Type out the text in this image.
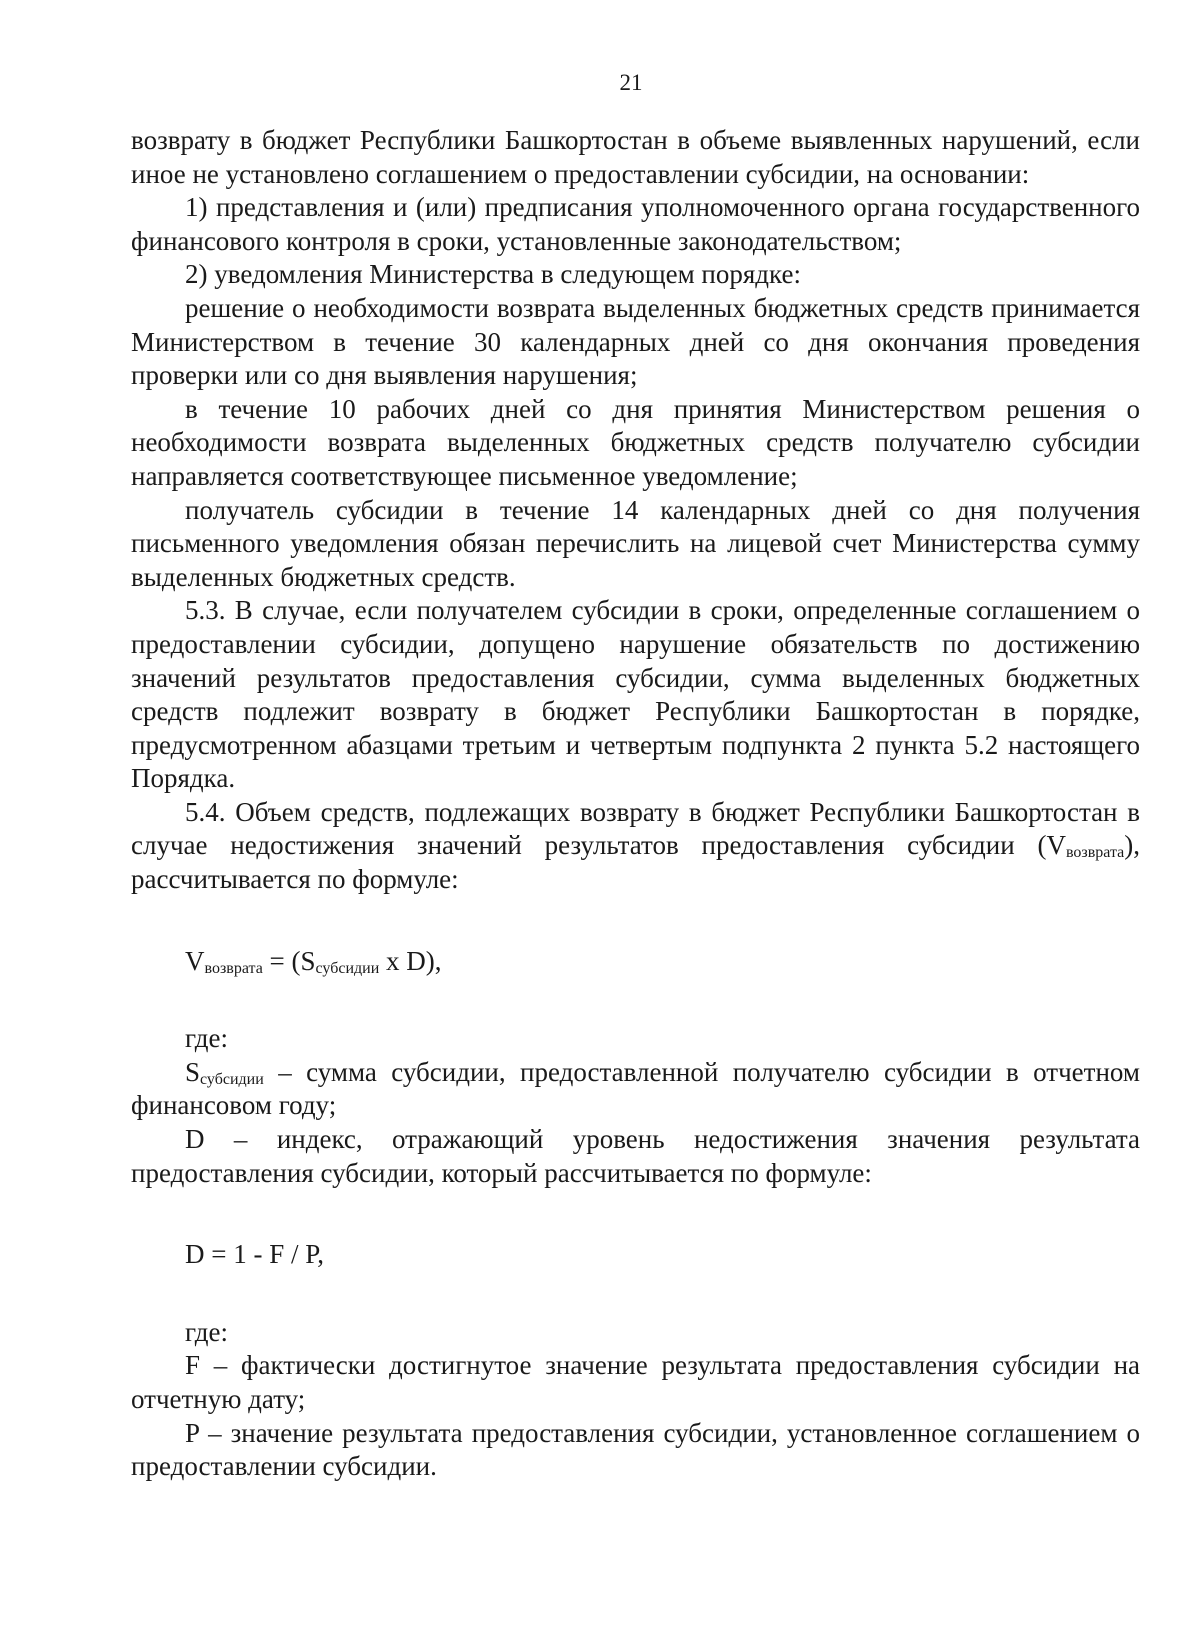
21

возврату в бюджет Республики Башкортостан в объеме выявленных нарушений, если иное не установлено соглашением о предоставлении субсидии, на основании:

1) представления и (или) предписания уполномоченного органа государственного финансового контроля в сроки, установленные законодательством;

2) уведомления Министерства в следующем порядке:

решение о необходимости возврата выделенных бюджетных средств принимается Министерством в течение 30 календарных дней со дня окончания проведения проверки или со дня выявления нарушения;

в течение 10 рабочих дней со дня принятия Министерством решения о необходимости возврата выделенных бюджетных средств получателю субсидии направляется соответствующее письменное уведомление;

получатель субсидии в течение 14 календарных дней со дня получения письменного уведомления обязан перечислить на лицевой счет Министерства сумму выделенных бюджетных средств.

5.3. В случае, если получателем субсидии в сроки, определенные соглашением о предоставлении субсидии, допущено нарушение обязательств по достижению значений результатов предоставления субсидии, сумма выделенных бюджетных средств подлежит возврату в бюджет Республики Башкортостан в порядке, предусмотренном абазцами третьим и четвертым подпункта 2 пункта 5.2 настоящего Порядка.

5.4. Объем средств, подлежащих возврату в бюджет Республики Башкортостан в случае недостижения значений результатов предоставления субсидии $(V_{возврата})$, рассчитывается по формуле:

$V_{возврата} = (S_{субсидии}$ x D),

где:

$S_{субсидии}$ – сумма субсидии, предоставленной получателю субсидии в отчетном финансовом году;

D – индекс, отражающий уровень недостижения значения результата предоставления субсидии, который рассчитывается по формуле:

D = 1 - F / P,

где:

F – фактически достигнутое значение результата предоставления субсидии на отчетную дату;

P – значение результата предоставления субсидии, установленное соглашением о предоставлении субсидии.
